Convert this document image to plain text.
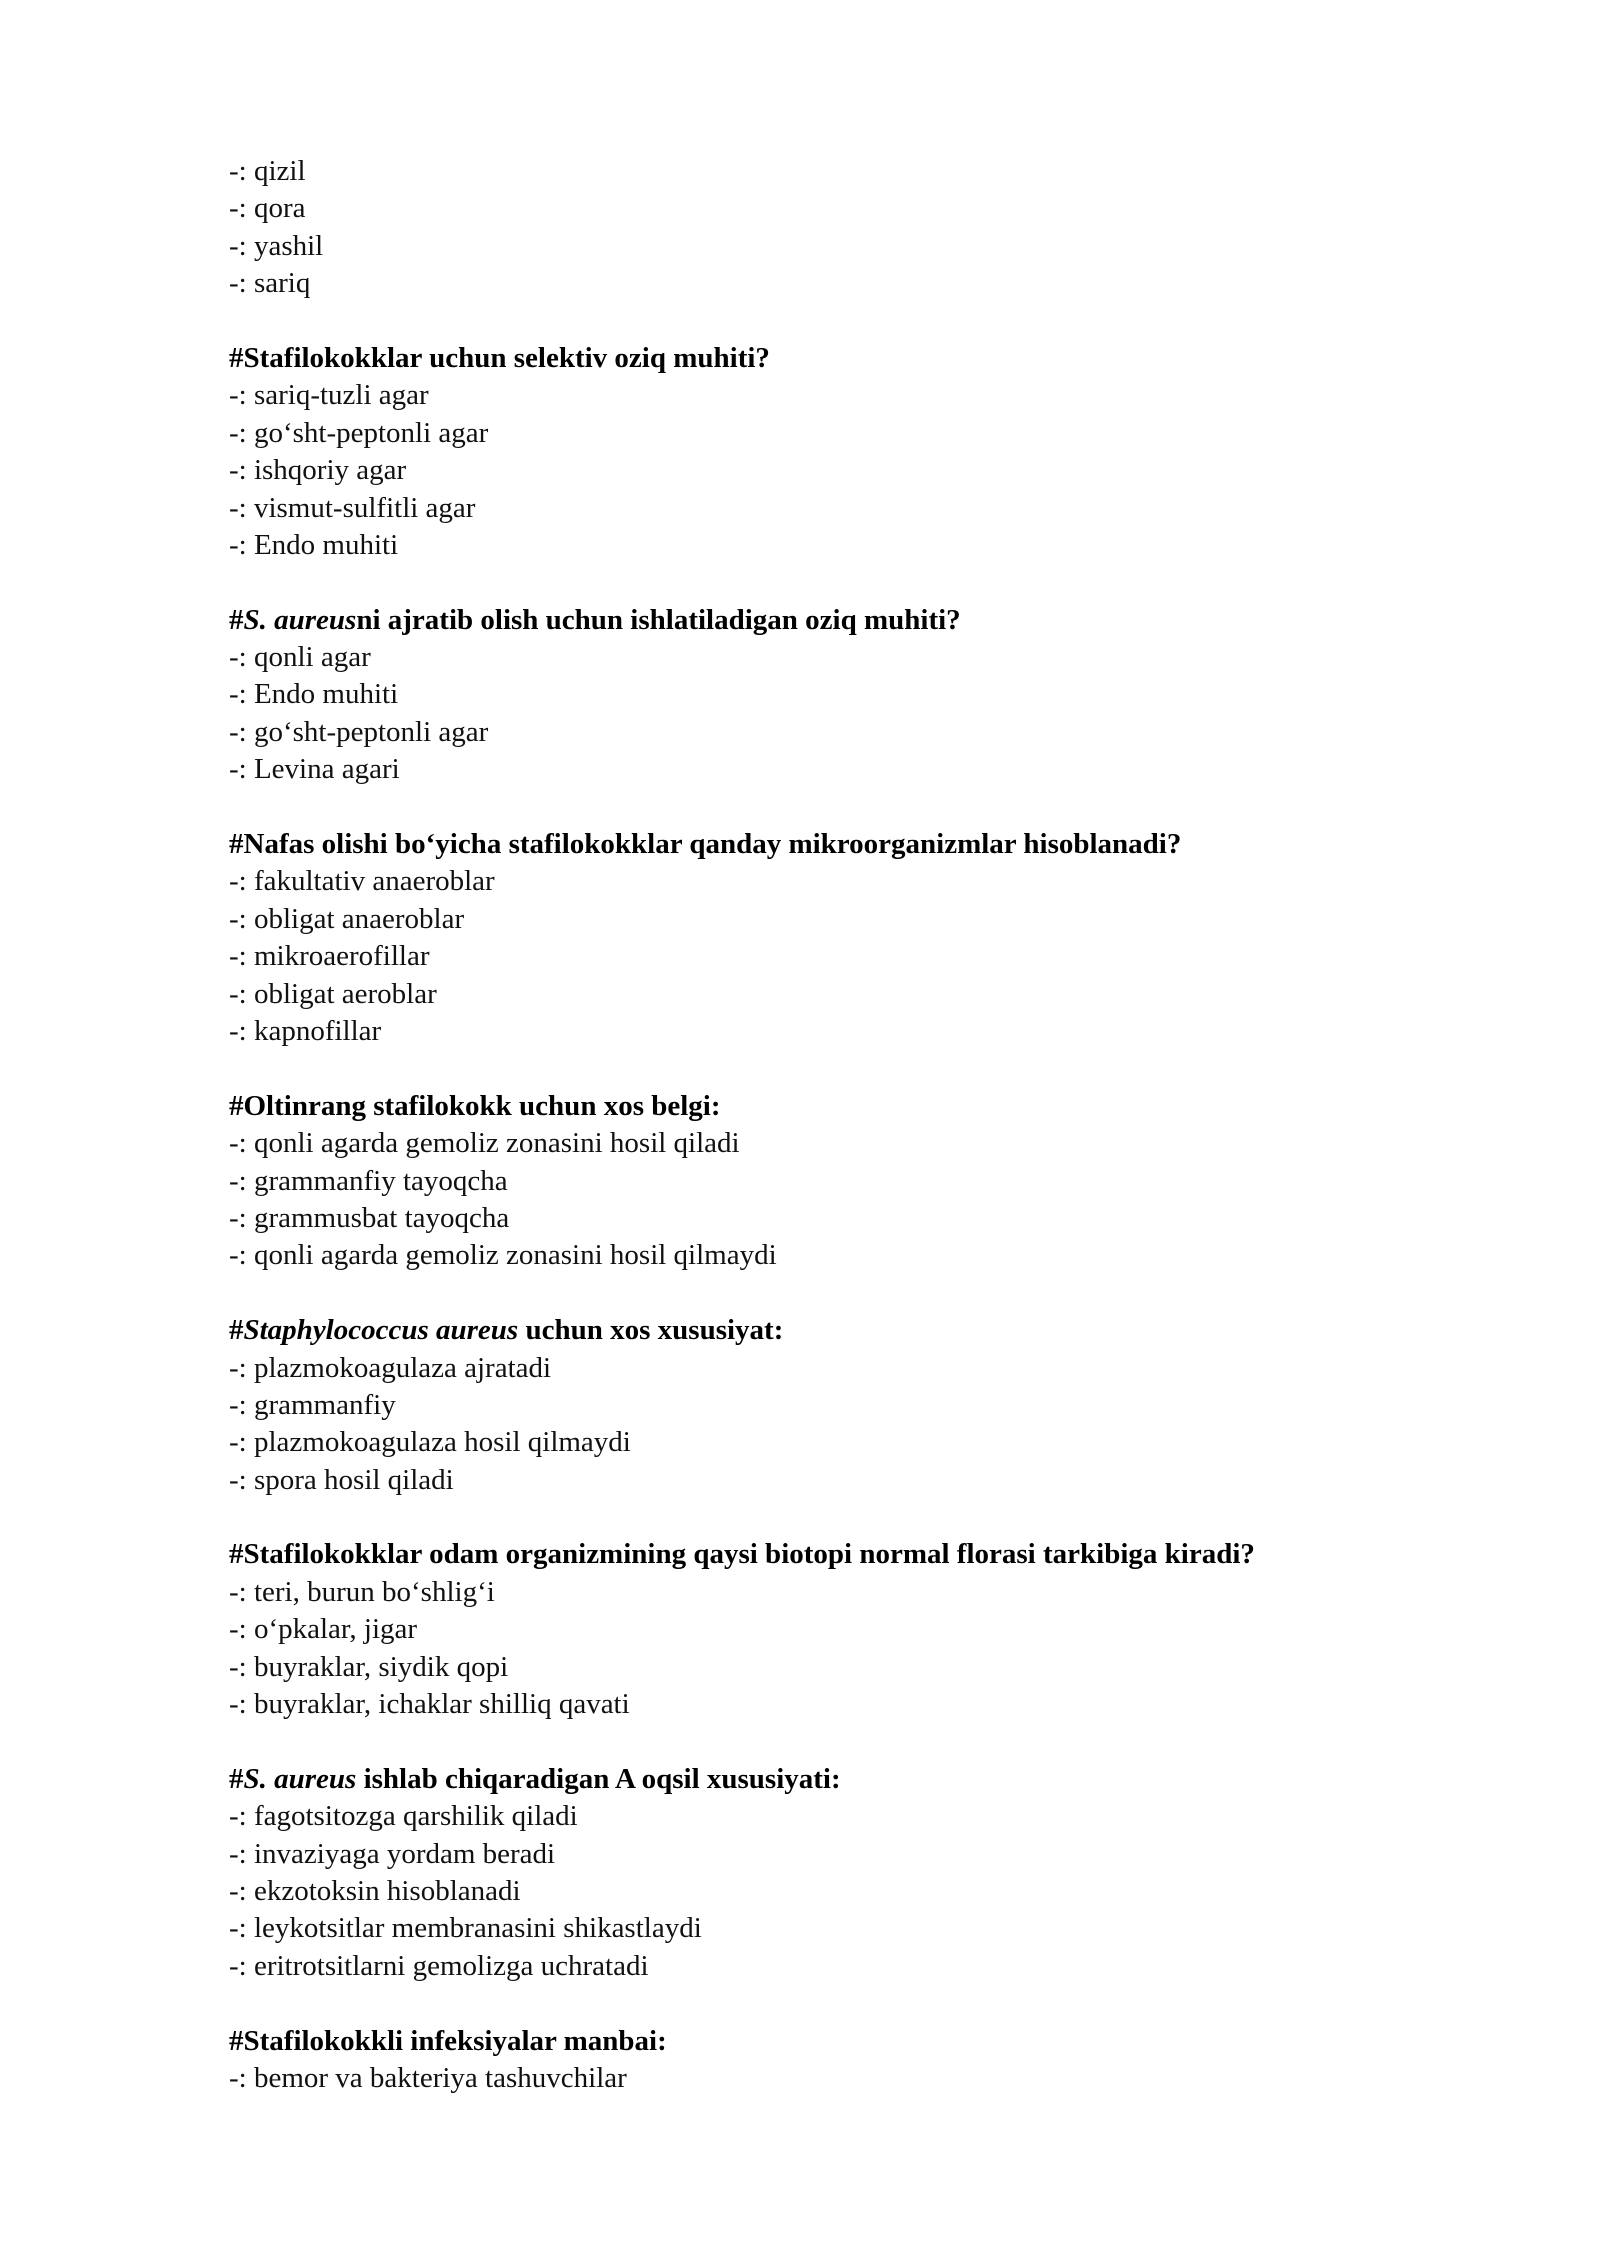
-: qizil
-: qora
-: yashil
-: sariq
#Stafilokokklar uchun selektiv oziq muhiti?
-: sariq-tuzli agar
-: go‘sht-peptonli agar
-: ishqoriy agar
-: vismut-sulfitli agar
-: Endo muhiti
#S. aureusni ajratib olish uchun ishlatiladigan oziq muhiti?
-: qonli agar
-: Endo muhiti
-: go‘sht-peptonli agar
-: Levina agari
#Nafas olishi bo‘yicha stafilokokklar qanday mikroorganizmlar hisoblanadi?
-: fakultativ anaeroblar
-: obligat anaeroblar
-: mikroaerofillar
-: obligat aeroblar
-: kapnofillar
#Oltinrang stafilokokk uchun xos belgi:
-: qonli agarda gemoliz zonasini hosil qiladi
-: grammanfiy tayoqcha
-: grammusbat tayoqcha
-: qonli agarda gemoliz zonasini hosil qilmaydi
#Staphylococcus aureus uchun xos xususiyat:
-: plazmokoagulaza ajratadi
-: grammanfiy
-: plazmokoagulaza hosil qilmaydi
-: spora hosil qiladi
#Stafilokokklar odam organizmining qaysi biotopi normal florasi tarkibiga kiradi?
-: teri, burun bo‘shlig‘i
-: o‘pkalar, jigar
-: buyraklar, siydik qopi
-: buyraklar, ichaklar shilliq qavati
#S. aureus ishlab chiqaradigan A oqsil xususiyati:
-: fagotsitozga qarshilik qiladi
-: invaziyaga yordam beradi
-: ekzotoksin hisoblanadi
-: leykotsitlar membranasini shikastlaydi
-: eritrotsitlarni gemolizga uchratadi
#Stafilokokkli infeksiyalar manbai:
-: bemor va bakteriya tashuvchilar
